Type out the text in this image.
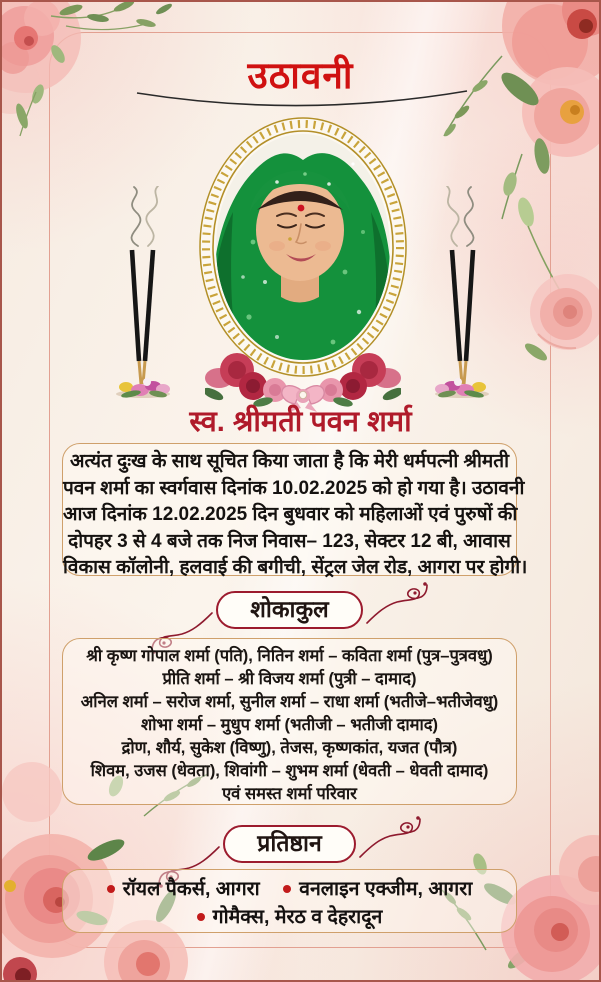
उठावनी
स्व. श्रीमती पवन शर्मा
अत्यंत दुःख के साथ सूचित किया जाता है कि मेरी धर्मपत्नी श्रीमती
पवन शर्मा का स्वर्गवास दिनांक 10.02.2025 को हो गया है। उठावनी
आज दिनांक 12.02.2025 दिन बुधवार को महिलाओं एवं पुरुषों की
दोपहर 3 से 4 बजे तक निज निवास– 123, सेक्टर 12 बी, आवास
विकास कॉलोनी, हलवाई की बगीची, सेंट्रल जेल रोड, आगरा पर होगी।
शोकाकुल
श्री कृष्ण गोपाल शर्मा (पति), नितिन शर्मा – कविता शर्मा (पुत्र–पुत्रवधु)
प्रीति शर्मा – श्री विजय शर्मा (पुत्री – दामाद)
अनिल शर्मा – सरोज शर्मा, सुनील शर्मा – राधा शर्मा (भतीजे–भतीजेवधु)
शोभा शर्मा – मुधुप शर्मा (भतीजी – भतीजी दामाद)
द्रोण, शौर्य, सुकेश (विष्णु), तेजस, कृष्णकांत, यजत (पौत्र)
शिवम, उजस (धेवता), शिवांगी – शुभम शर्मा (धेवती – धेवती दामाद)
एवं समस्त शर्मा परिवार
प्रतिष्ठान
रॉयल पैकर्स, आगरा वनलाइन एक्जीम, आगरा
गोमैक्स, मेरठ व देहरादून
